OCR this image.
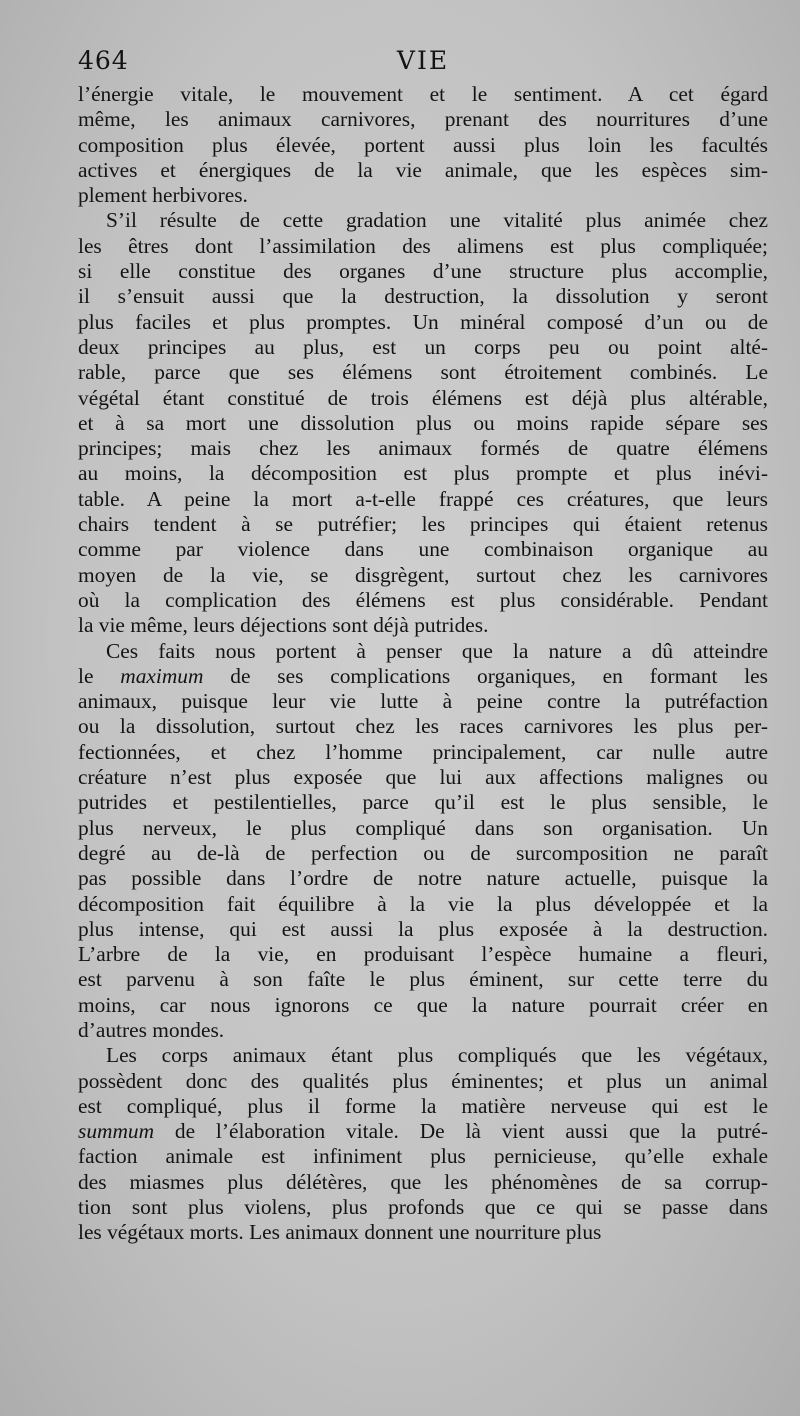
464	VIE
l’énergie vitale, le mouvement et le sentiment. A cet égard
même, les animaux carnivores, prenant des nourritures d’une
composition plus élevée, portent aussi plus loin les facultés
actives et énergiques de la vie animale, que les espèces sim-
plement herbivores.
S’il résulte de cette gradation une vitalité plus animée chez
les êtres dont l’assimilation des alimens est plus compliquée;
si elle constitue des organes d’une structure plus accomplie,
il s’ensuit aussi que la destruction, la dissolution y seront
plus faciles et plus promptes. Un minéral composé d’un ou de
deux principes au plus, est un corps peu ou point alté-
rable, parce que ses élémens sont étroitement combinés. Le
végétal étant constitué de trois élémens est déjà plus altérable,
et à sa mort une dissolution plus ou moins rapide sépare ses
principes; mais chez les animaux formés de quatre élémens
au moins, la décomposition est plus prompte et plus inévi-
table. A peine la mort a-t-elle frappé ces créatures, que leurs
chairs tendent à se putréfier; les principes qui étaient retenus
comme par violence dans une combinaison organique au
moyen de la vie, se disgrègent, surtout chez les carnivores
où la complication des élémens est plus considérable. Pendant
la vie même, leurs déjections sont déjà putrides.
Ces faits nous portent à penser que la nature a dû atteindre
le maximum de ses complications organiques, en formant les
animaux, puisque leur vie lutte à peine contre la putréfaction
ou la dissolution, surtout chez les races carnivores les plus per-
fectionnées, et chez l’homme principalement, car nulle autre
créature n’est plus exposée que lui aux affections malignes ou
putrides et pestilentielles, parce qu’il est le plus sensible, le
plus nerveux, le plus compliqué dans son organisation. Un
degré au de-là de perfection ou de surcomposition ne paraît
pas possible dans l’ordre de notre nature actuelle, puisque la
décomposition fait équilibre à la vie la plus développée et la
plus intense, qui est aussi la plus exposée à la destruction.
L’arbre de la vie, en produisant l’espèce humaine a fleuri,
est parvenu à son faîte le plus éminent, sur cette terre du
moins, car nous ignorons ce que la nature pourrait créer en
d’autres mondes.
Les corps animaux étant plus compliqués que les végétaux,
possèdent donc des qualités plus éminentes; et plus un animal
est compliqué, plus il forme la matière nerveuse qui est le
summum de l’élaboration vitale. De là vient aussi que la putré-
faction animale est infiniment plus pernicieuse, qu’elle exhale
des miasmes plus délétères, que les phénomènes de sa corrup-
tion sont plus violens, plus profonds que ce qui se passe dans
les végétaux morts. Les animaux donnent une nourriture plus
